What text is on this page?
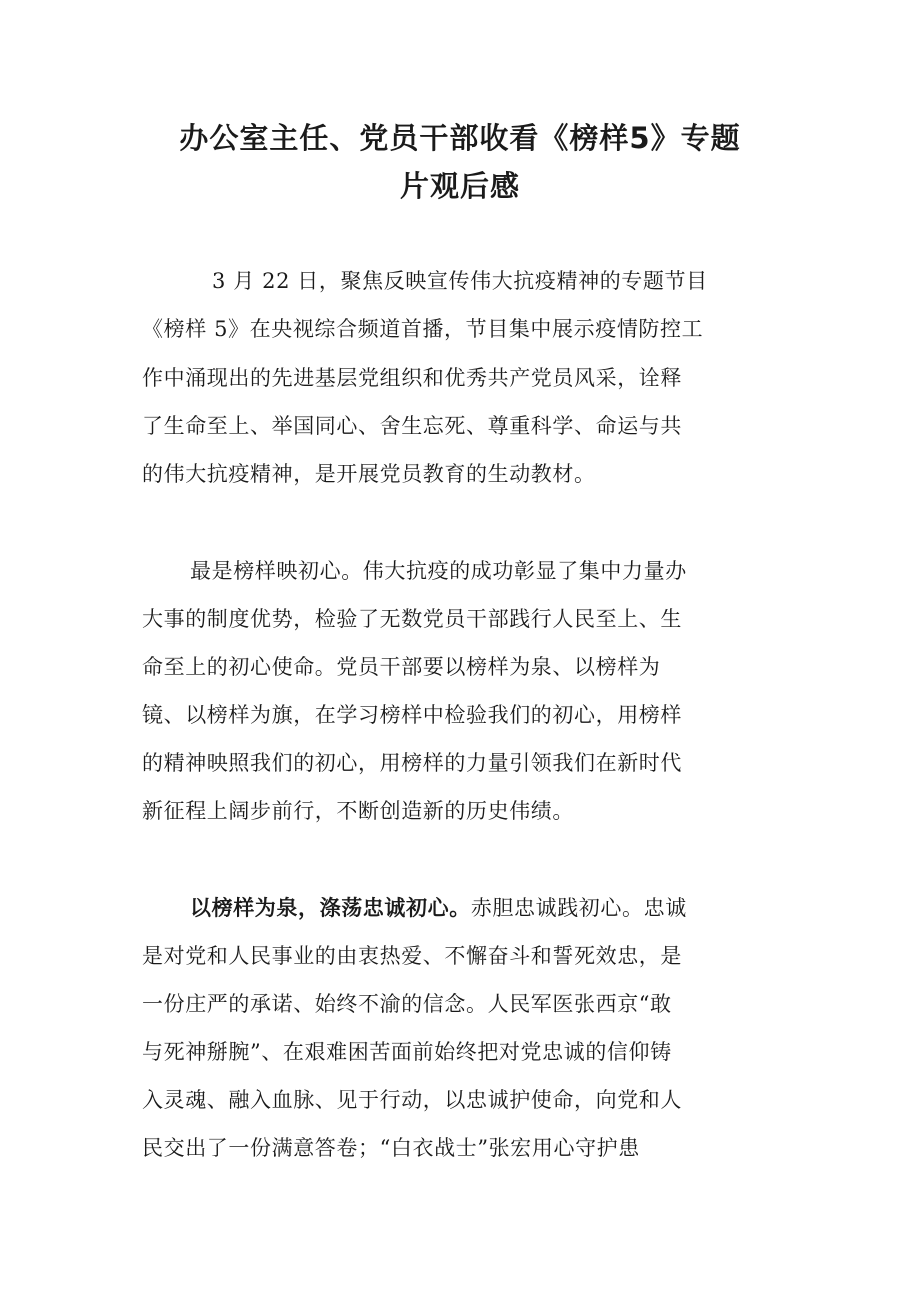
办公室主任、党员干部收看《榜样5》专题
片观后感
3 月 22 日，聚焦反映宣传伟大抗疫精神的专题节目
《榜样 5》在央视综合频道首播，节目集中展示疫情防控工
作中涌现出的先进基层党组织和优秀共产党员风采，诠释
了生命至上、举国同心、舍生忘死、尊重科学、命运与共
的伟大抗疫精神，是开展党员教育的生动教材。
最是榜样映初心。伟大抗疫的成功彰显了集中力量办
大事的制度优势，检验了无数党员干部践行人民至上、生
命至上的初心使命。党员干部要以榜样为泉、以榜样为
镜、以榜样为旗，在学习榜样中检验我们的初心，用榜样
的精神映照我们的初心，用榜样的力量引领我们在新时代
新征程上阔步前行，不断创造新的历史伟绩。
以榜样为泉，涤荡忠诚初心。赤胆忠诚践初心。忠诚
是对党和人民事业的由衷热爱、不懈奋斗和誓死效忠，是
一份庄严的承诺、始终不渝的信念。人民军医张西京“敢
与死神掰腕”、在艰难困苦面前始终把对党忠诚的信仰铸
入灵魂、融入血脉、见于行动，以忠诚护使命，向党和人
民交出了一份满意答卷；“白衣战士”张宏用心守护患
